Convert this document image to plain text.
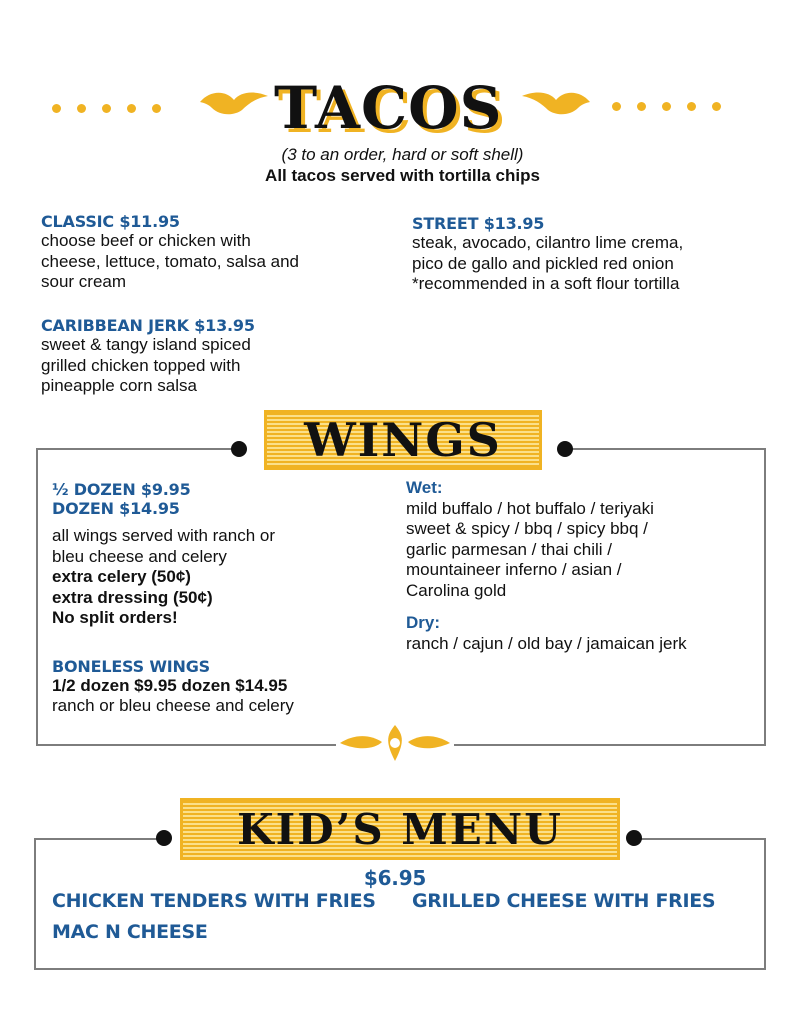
TACOS
(3 to an order, hard or soft shell)
All tacos served with tortilla chips
CLASSIC $11.95
choose beef or chicken with
cheese, lettuce, tomato, salsa and
sour cream
CARIBBEAN JERK $13.95
sweet & tangy island spiced
grilled chicken topped with
pineapple corn salsa
STREET $13.95
steak, avocado, cilantro lime crema,
pico de gallo and pickled red onion
*recommended in a soft flour tortilla
WINGS
½ DOZEN $9.95
DOZEN $14.95
all wings served with ranch or
bleu cheese and celery
extra celery (50¢)
extra dressing (50¢)
No split orders!
BONELESS WINGS
1/2 dozen $9.95 dozen $14.95
ranch or bleu cheese and celery
Wet:
mild buffalo / hot buffalo / teriyaki
sweet & spicy / bbq / spicy bbq /
garlic parmesan / thai chili /
mountaineer inferno / asian /
Carolina gold
Dry:
ranch / cajun / old bay / jamaican jerk
KID’S MENU
$6.95
CHICKEN TENDERS WITH FRIES GRILLED CHEESE WITH FRIES
MAC N CHEESE
